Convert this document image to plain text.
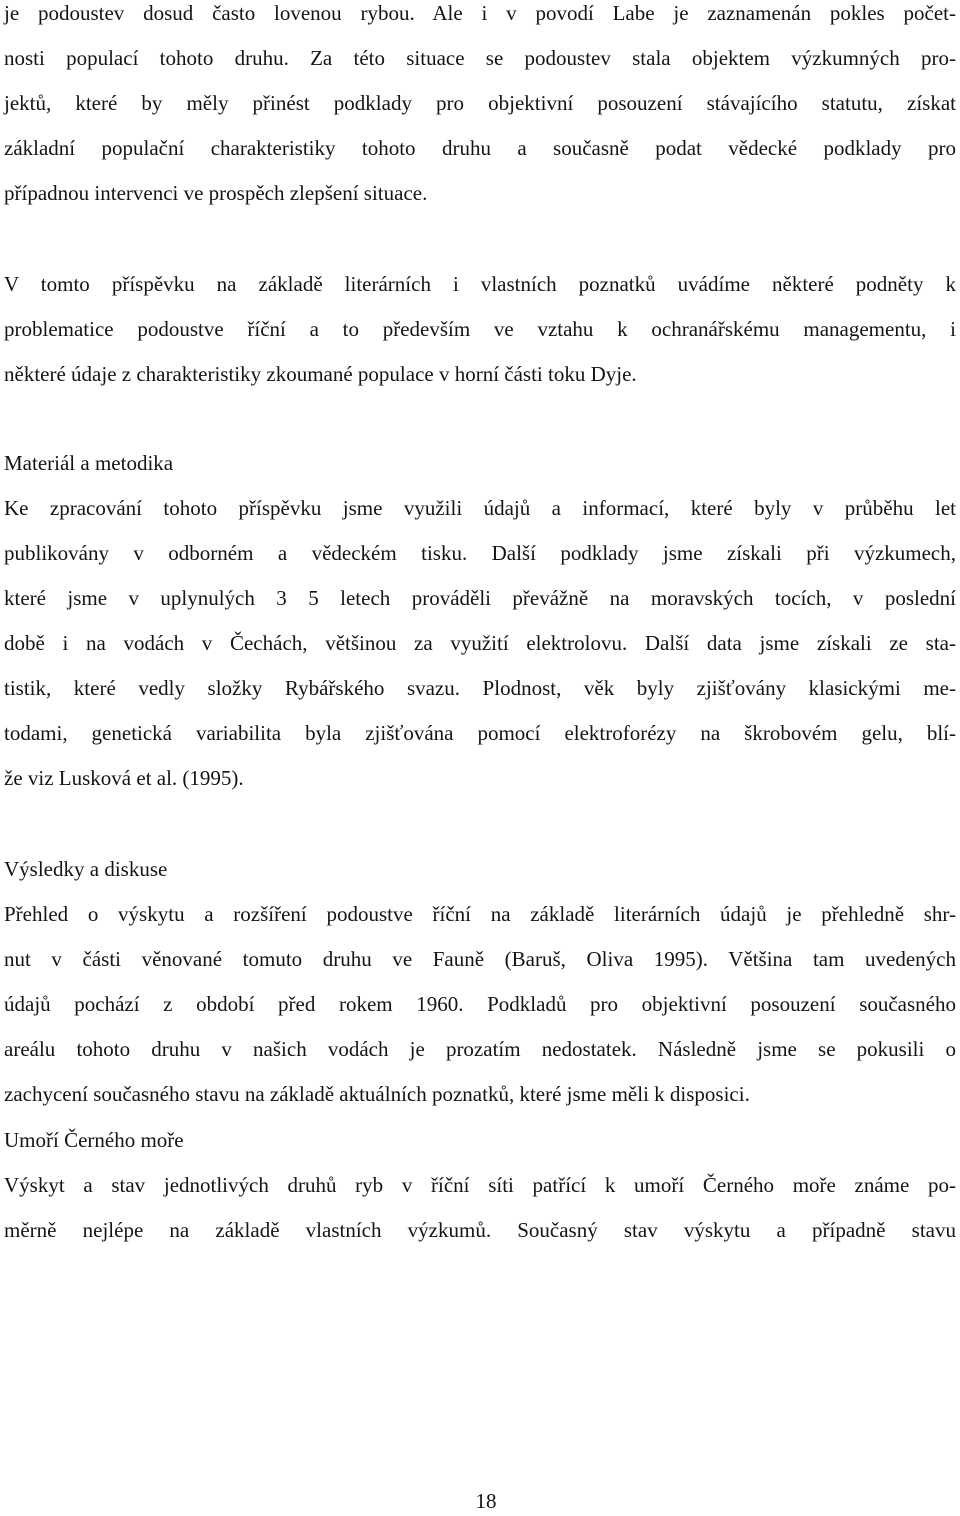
je podoustev dosud často lovenou rybou. Ale i v povodí Labe je zaznamenán pokles počet-
nosti populací tohoto druhu. Za této situace se podoustev stala objektem výzkumných pro-
jektů, které by měly přinést podklady pro objektivní posouzení stávajícího statutu, získat
základní populační charakteristiky tohoto druhu a současně podat vědecké podklady pro
případnou intervenci ve prospěch zlepšení situace.
V tomto příspěvku na základě literárních i vlastních poznatků uvádíme některé podněty k
problematice podoustve říční a to především ve vztahu k ochranářskému managementu, i
některé údaje z charakteristiky zkoumané populace v horní části toku Dyje.
Materiál a metodika
Ke zpracování tohoto příspěvku jsme využili údajů a informací, které byly v průběhu let
publikovány v odborném a vědeckém tisku. Další podklady jsme získali při výzkumech,
které jsme v uplynulých 3 5 letech prováděli převážně na moravských tocích, v poslední
době i na vodách v Čechách, většinou za využití elektrolovu. Další data jsme získali ze sta-
tistik, které vedly složky Rybářského svazu. Plodnost, věk byly zjišťovány klasickými me-
todami, genetická variabilita byla zjišťována pomocí elektroforézy na škrobovém gelu, blí-
že viz Lusková et al. (1995).
Výsledky a diskuse
Přehled o výskytu a rozšíření podoustve říční na základě literárních údajů je přehledně shr-
nut v části věnované tomuto druhu ve Fauně (Baruš, Oliva 1995). Většina tam uvedených
údajů pochází z období před rokem 1960. Podkladů pro objektivní posouzení současného
areálu tohoto druhu v našich vodách je prozatím nedostatek. Následně jsme se pokusili o
zachycení současného stavu na základě aktuálních poznatků, které jsme měli k disposici.
Umoří Černého moře
Výskyt a stav jednotlivých druhů ryb v říční síti patřící k umoří Černého moře známe po-
měrně nejlépe na základě vlastních výzkumů. Současný stav výskytu a případně stavu
18
